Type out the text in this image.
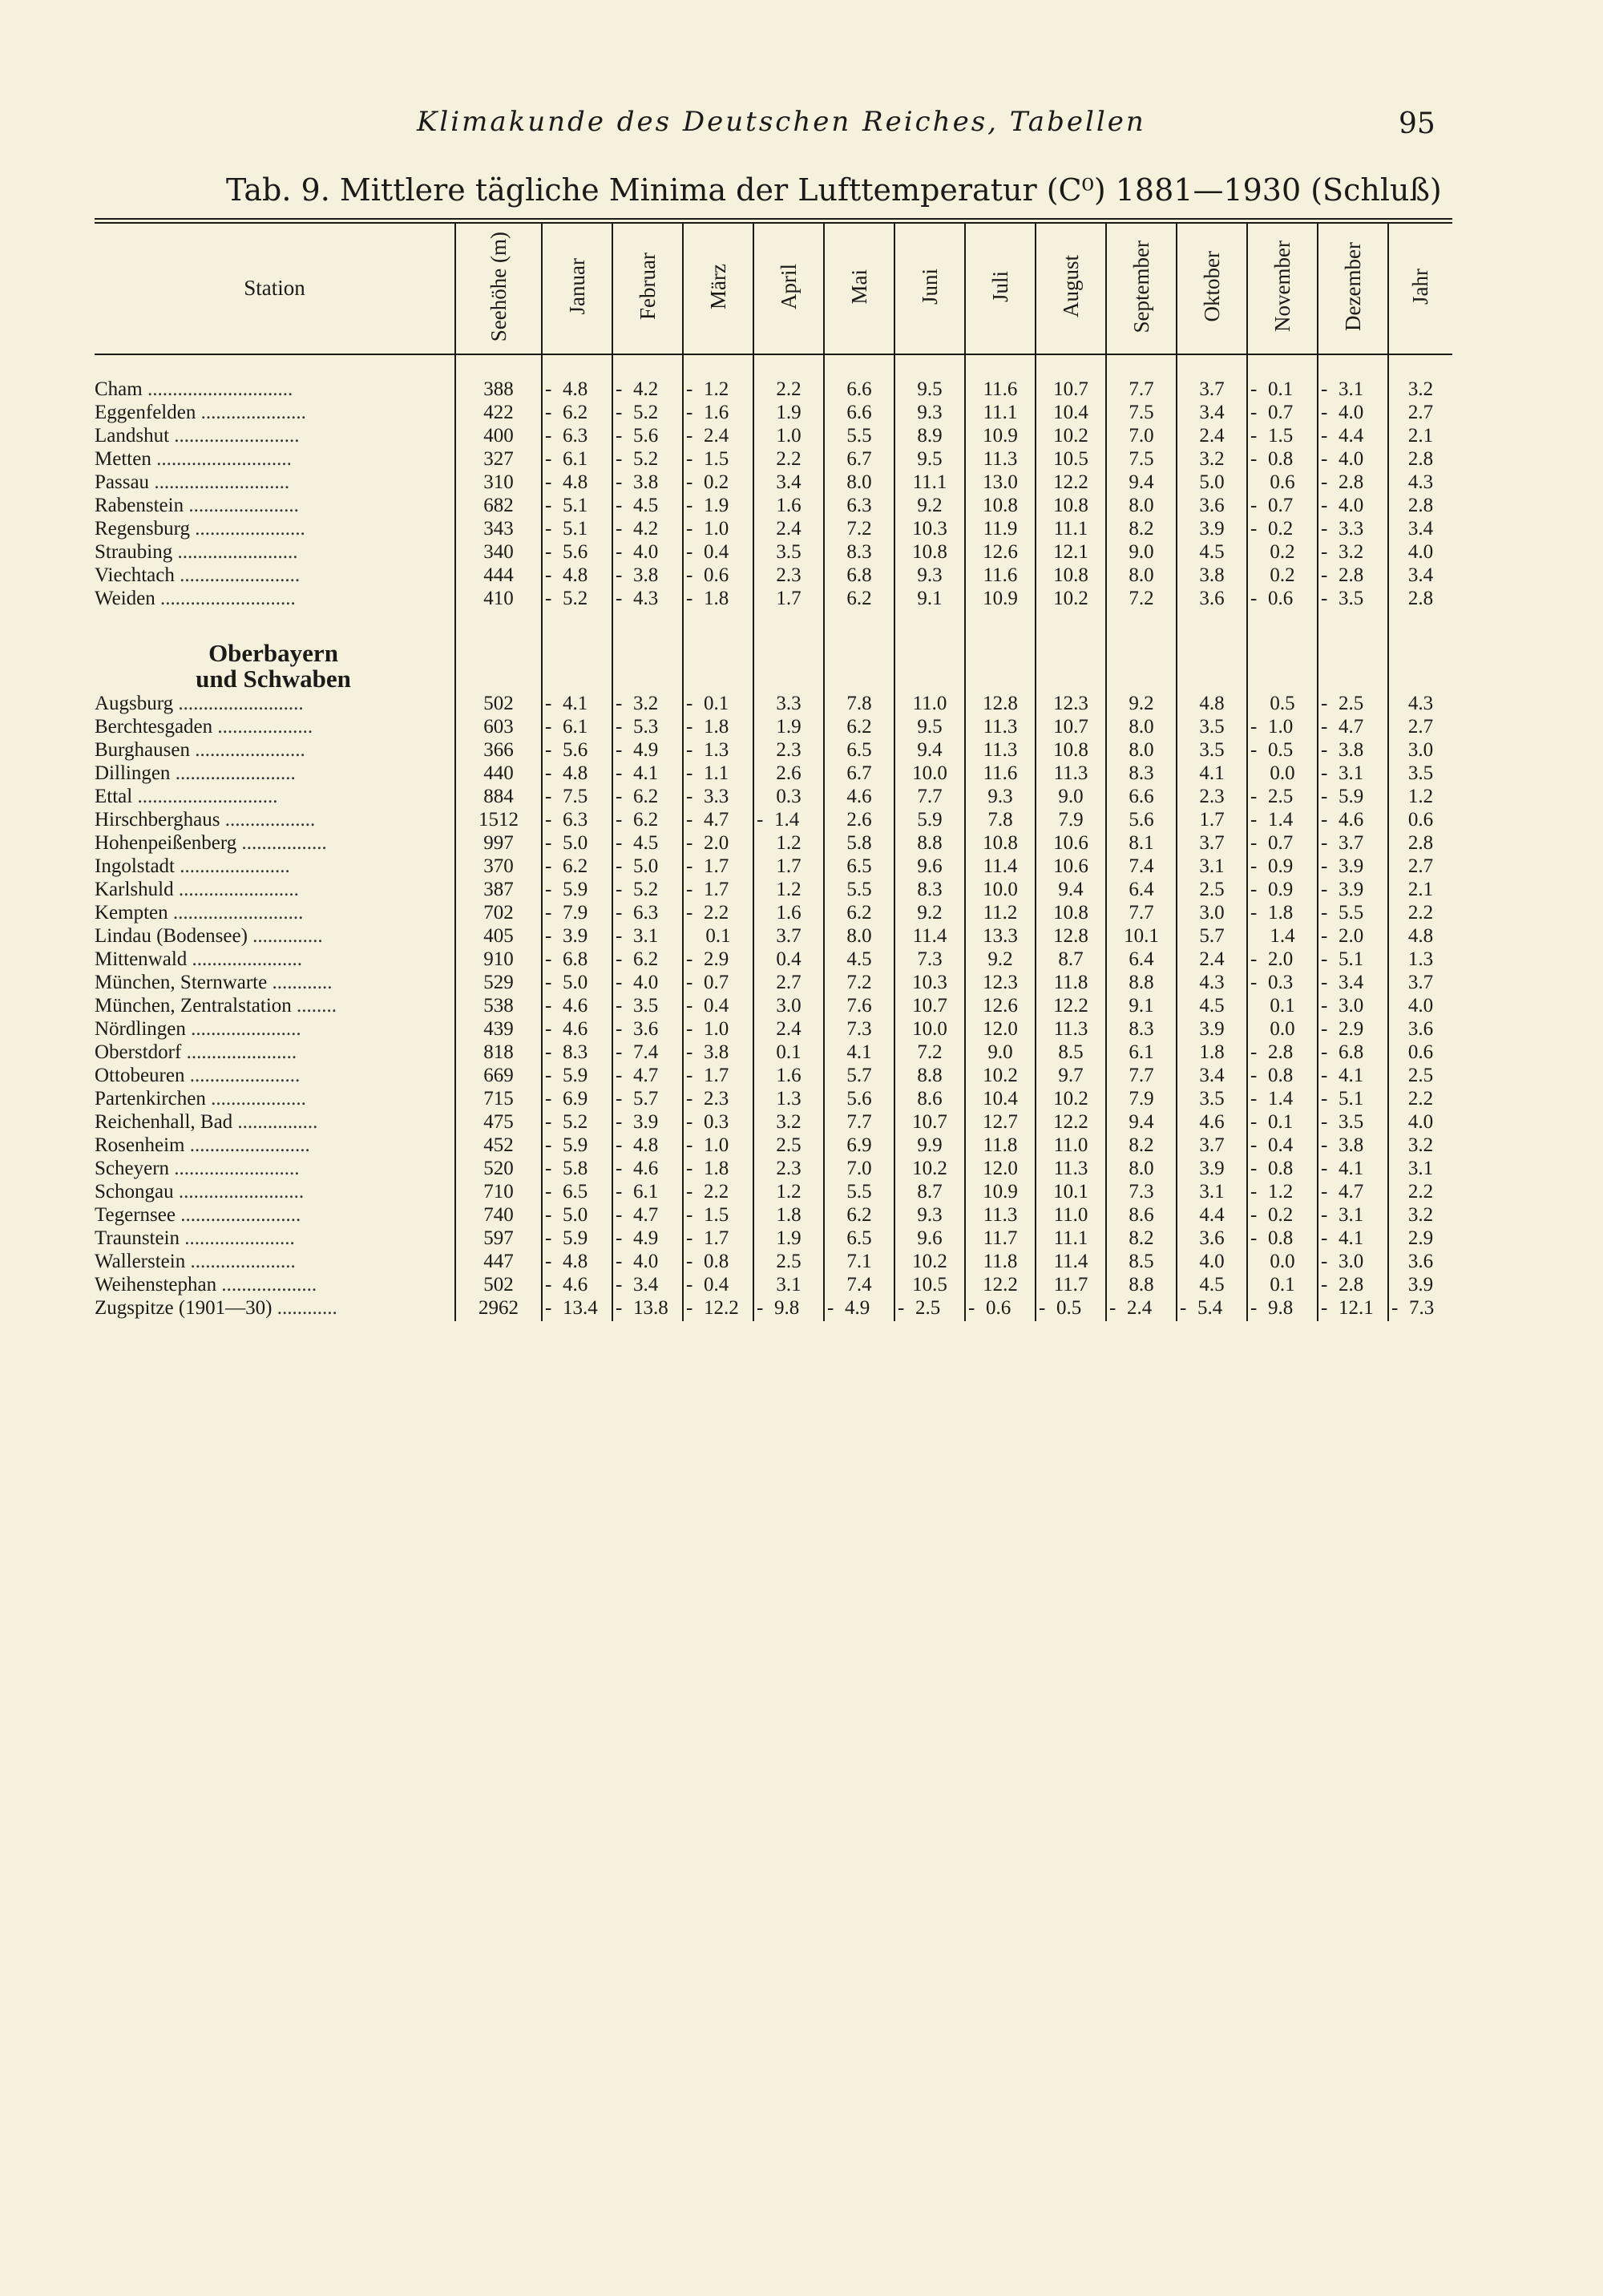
Klimakunde des Deutschen Reiches, Tabellen	95
Tab. 9. Mittlere tägliche Minima der Lufttemperatur (C⁰) 1881—1930 (Schluß)
Station	Seehöhe (m)	Januar	Februar	März	April	Mai	Juni	Juli	August	September	Oktober	November	Dezember	Jahr
Cham .............................	388	- 4.8	- 4.2	- 1.2	2.2	6.6	9.5	11.6	10.7	7.7	3.7	- 0.1	- 3.1	3.2
Eggenfelden .....................	422	- 6.2	- 5.2	- 1.6	1.9	6.6	9.3	11.1	10.4	7.5	3.4	- 0.7	- 4.0	2.7
Landshut .........................	400	- 6.3	- 5.6	- 2.4	1.0	5.5	8.9	10.9	10.2	7.0	2.4	- 1.5	- 4.4	2.1
Metten ...........................	327	- 6.1	- 5.2	- 1.5	2.2	6.7	9.5	11.3	10.5	7.5	3.2	- 0.8	- 4.0	2.8
Passau ...........................	310	- 4.8	- 3.8	- 0.2	3.4	8.0	11.1	13.0	12.2	9.4	5.0	0.6	- 2.8	4.3
Rabenstein ......................	682	- 5.1	- 4.5	- 1.9	1.6	6.3	9.2	10.8	10.8	8.0	3.6	- 0.7	- 4.0	2.8
Regensburg ......................	343	- 5.1	- 4.2	- 1.0	2.4	7.2	10.3	11.9	11.1	8.2	3.9	- 0.2	- 3.3	3.4
Straubing ........................	340	- 5.6	- 4.0	- 0.4	3.5	8.3	10.8	12.6	12.1	9.0	4.5	0.2	- 3.2	4.0
Viechtach ........................	444	- 4.8	- 3.8	- 0.6	2.3	6.8	9.3	11.6	10.8	8.0	3.8	0.2	- 2.8	3.4
Weiden ...........................	410	- 5.2	- 4.3	- 1.8	1.7	6.2	9.1	10.9	10.2	7.2	3.6	- 0.6	- 3.5	2.8

Oberbayern														
und Schwaben														
Augsburg .........................	502	- 4.1	- 3.2	- 0.1	3.3	7.8	11.0	12.8	12.3	9.2	4.8	0.5	- 2.5	4.3
Berchtesgaden ...................	603	- 6.1	- 5.3	- 1.8	1.9	6.2	9.5	11.3	10.7	8.0	3.5	- 1.0	- 4.7	2.7
Burghausen ......................	366	- 5.6	- 4.9	- 1.3	2.3	6.5	9.4	11.3	10.8	8.0	3.5	- 0.5	- 3.8	3.0
Dillingen ........................	440	- 4.8	- 4.1	- 1.1	2.6	6.7	10.0	11.6	11.3	8.3	4.1	0.0	- 3.1	3.5
Ettal ............................	884	- 7.5	- 6.2	- 3.3	0.3	4.6	7.7	9.3	9.0	6.6	2.3	- 2.5	- 5.9	1.2
Hirschberghaus ..................	1512	- 6.3	- 6.2	- 4.7	- 1.4	2.6	5.9	7.8	7.9	5.6	1.7	- 1.4	- 4.6	0.6
Hohenpeißenberg .................	997	- 5.0	- 4.5	- 2.0	1.2	5.8	8.8	10.8	10.6	8.1	3.7	- 0.7	- 3.7	2.8
Ingolstadt ......................	370	- 6.2	- 5.0	- 1.7	1.7	6.5	9.6	11.4	10.6	7.4	3.1	- 0.9	- 3.9	2.7
Karlshuld ........................	387	- 5.9	- 5.2	- 1.7	1.2	5.5	8.3	10.0	9.4	6.4	2.5	- 0.9	- 3.9	2.1
Kempten ..........................	702	- 7.9	- 6.3	- 2.2	1.6	6.2	9.2	11.2	10.8	7.7	3.0	- 1.8	- 5.5	2.2
Lindau (Bodensee) ..............	405	- 3.9	- 3.1	0.1	3.7	8.0	11.4	13.3	12.8	10.1	5.7	1.4	- 2.0	4.8
Mittenwald ......................	910	- 6.8	- 6.2	- 2.9	0.4	4.5	7.3	9.2	8.7	6.4	2.4	- 2.0	- 5.1	1.3
München, Sternwarte ............	529	- 5.0	- 4.0	- 0.7	2.7	7.2	10.3	12.3	11.8	8.8	4.3	- 0.3	- 3.4	3.7
München, Zentralstation ........	538	- 4.6	- 3.5	- 0.4	3.0	7.6	10.7	12.6	12.2	9.1	4.5	0.1	- 3.0	4.0
Nördlingen ......................	439	- 4.6	- 3.6	- 1.0	2.4	7.3	10.0	12.0	11.3	8.3	3.9	0.0	- 2.9	3.6
Oberstdorf ......................	818	- 8.3	- 7.4	- 3.8	0.1	4.1	7.2	9.0	8.5	6.1	1.8	- 2.8	- 6.8	0.6
Ottobeuren ......................	669	- 5.9	- 4.7	- 1.7	1.6	5.7	8.8	10.2	9.7	7.7	3.4	- 0.8	- 4.1	2.5
Partenkirchen ...................	715	- 6.9	- 5.7	- 2.3	1.3	5.6	8.6	10.4	10.2	7.9	3.5	- 1.4	- 5.1	2.2
Reichenhall, Bad ................	475	- 5.2	- 3.9	- 0.3	3.2	7.7	10.7	12.7	12.2	9.4	4.6	- 0.1	- 3.5	4.0
Rosenheim ........................	452	- 5.9	- 4.8	- 1.0	2.5	6.9	9.9	11.8	11.0	8.2	3.7	- 0.4	- 3.8	3.2
Scheyern .........................	520	- 5.8	- 4.6	- 1.8	2.3	7.0	10.2	12.0	11.3	8.0	3.9	- 0.8	- 4.1	3.1
Schongau .........................	710	- 6.5	- 6.1	- 2.2	1.2	5.5	8.7	10.9	10.1	7.3	3.1	- 1.2	- 4.7	2.2
Tegernsee ........................	740	- 5.0	- 4.7	- 1.5	1.8	6.2	9.3	11.3	11.0	8.6	4.4	- 0.2	- 3.1	3.2
Traunstein ......................	597	- 5.9	- 4.9	- 1.7	1.9	6.5	9.6	11.7	11.1	8.2	3.6	- 0.8	- 4.1	2.9
Wallerstein .....................	447	- 4.8	- 4.0	- 0.8	2.5	7.1	10.2	11.8	11.4	8.5	4.0	0.0	- 3.0	3.6
Weihenstephan ...................	502	- 4.6	- 3.4	- 0.4	3.1	7.4	10.5	12.2	11.7	8.8	4.5	0.1	- 2.8	3.9
Zugspitze (1901—30) ............	2962	- 13.4	- 13.8	- 12.2	- 9.8	- 4.9	- 2.5	- 0.6	- 0.5	- 2.4	- 5.4	- 9.8	- 12.1	- 7.3
